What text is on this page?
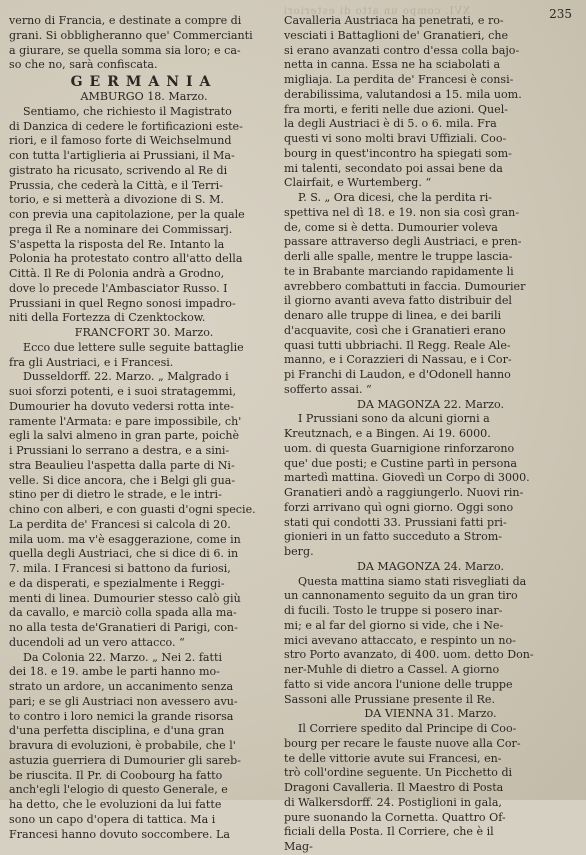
XVI. compo un atto di esteriori	235
verno di Francia, e destinate a compre di
grani. Si obbligheranno que' Commercianti
a giurare, se quella somma sia loro; e ca-
so che no, sarà confiscata.
GERMANIA
AMBURGO 18. Marzo.
Sentiamo, che richiesto il Magistrato
di Danzica di cedere le fortificazioni este-
riori, e il famoso forte di Weichselmund
con tutta l'artiglieria ai Prussiani, il Ma-
gistrato ha ricusato, scrivendo al Re di
Prussia, che cederà la Città, e il Terri-
torio, e si metterà a divozione di S. M.
con previa una capitolazione, per la quale
prega il Re a nominare dei Commissarj.
S'aspetta la risposta del Re. Intanto la
Polonia ha protestato contro all'atto della
Città. Il Re di Polonia andrà a Grodno,
dove lo precede l'Ambasciator Russo. I
Prussiani in quel Regno sonosi impadro-
niti della Fortezza di Czenktockow.
FRANCFORT 30. Marzo.
Ecco due lettere sulle seguite battaglie
fra gli Austriaci, e i Francesi.
Dusseldorff. 22. Marzo. „ Malgrado i
suoi sforzi potenti, e i suoi stratagemmi,
Dumourier ha dovuto vedersi rotta inte-
ramente l'Armata: e pare impossibile, ch'
egli la salvi almeno in gran parte, poichè
i Prussiani lo serrano a destra, e a sini-
stra Beaulieu l'aspetta dalla parte di Ni-
velle. Si dice ancora, che i Belgi gli gua-
stino per di dietro le strade, e le intri-
chino con alberi, e con guasti d'ogni specie.
La perdita de' Francesi si calcola di 20.
mila uom. ma v'è esaggerazione, come in
quella degli Austriaci, che si dice di 6. in
7. mila. I Francesi si battono da furiosi,
e da disperati, e spezialmente i Reggi-
menti di linea. Dumourier stesso calò giù
da cavallo, e marciò colla spada alla ma-
no alla testa de'Granatieri di Parigi, con-
ducendoli ad un vero attacco. “
Da Colonia 22. Marzo. „ Nei 2. fatti
dei 18. e 19. ambe le parti hanno mo-
strato un ardore, un accanimento senza
pari; e se gli Austriaci non avessero avu-
to contro i loro nemici la grande risorsa
d'una perfetta disciplina, e d'una gran
bravura di evoluzioni, è probabile, che l'
astuzia guerriera di Dumourier gli sareb-
be riuscita. Il Pr. di Coobourg ha fatto
anch'egli l'elogio di questo Generale, e
ha detto, che le evoluzioni da lui fatte
sono un capo d'opera di tattica. Ma i
Francesi hanno dovuto soccombere. La
Cavalleria Austriaca ha penetrati, e ro-
vesciati i Battaglioni de' Granatieri, che
si erano avanzati contro d'essa colla bajo-
netta in canna. Essa ne ha sciabolati a
migliaja. La perdita de' Francesi è consi-
derabilissima, valutandosi a 15. mila uom.
fra morti, e feriti nelle due azioni. Quel-
la degli Austriaci è di 5. o 6. mila. Fra
questi vi sono molti bravi Uffiziali. Coo-
bourg in quest'incontro ha spiegati som-
mi talenti, secondato poi assai bene da
Clairfait, e Wurtemberg. “
P. S. „ Ora dicesi, che la perdita ri-
spettiva nel dì 18. e 19. non sia così gran-
de, come si è detta. Dumourier voleva
passare attraverso degli Austriaci, e pren-
derli alle spalle, mentre le truppe lascia-
te in Brabante marciando rapidamente li
avrebbero combattuti in faccia. Dumourier
il giorno avanti aveva fatto distribuir del
denaro alle truppe di linea, e dei barili
d'acquavite, così che i Granatieri erano
quasi tutti ubbriachi. Il Regg. Reale Ale-
manno, e i Corazzieri di Nassau, e i Cor-
pi Franchi di Laudon, e d'Odonell hanno
sofferto assai. “
DA MAGONZA 22. Marzo.
I Prussiani sono da alcuni giorni a
Kreutznach, e a Bingen. Ai 19. 6000.
uom. di questa Guarnigione rinforzarono
que' due posti; e Custine partì in persona
martedì mattina. Giovedì un Corpo di 3000.
Granatieri andò a raggiungerlo. Nuovi rin-
forzi arrivano quì ogni giorno. Oggi sono
stati qui condotti 33. Prussiani fatti pri-
gionieri in un fatto succeduto a Strom-
berg.
DA MAGONZA 24. Marzo.
Questa mattina siamo stati risvegliati da
un cannonamento seguito da un gran tiro
di fucili. Tosto le truppe si posero inar-
mi; e al far del giorno si vide, che i Ne-
mici avevano attaccato, e respinto un no-
stro Porto avanzato, di 400. uom. detto Don-
ner-Muhle di dietro a Cassel. A giorno
fatto si vide ancora l'unione delle truppe
Sassoni alle Prussiane presente il Re.
DA VIENNA 31. Marzo.
Il Corriere spedito dal Principe di Coo-
bourg per recare le fauste nuove alla Cor-
te delle vittorie avute sui Francesi, en-
trò coll'ordine seguente. Un Picchetto di
Dragoni Cavalleria. Il Maestro di Posta
di Walkersdorff. 24. Postiglioni in gala,
pure suonando la Cornetta. Quattro Of-
ficiali della Posta. Il Corriere, che è il
Mag-
